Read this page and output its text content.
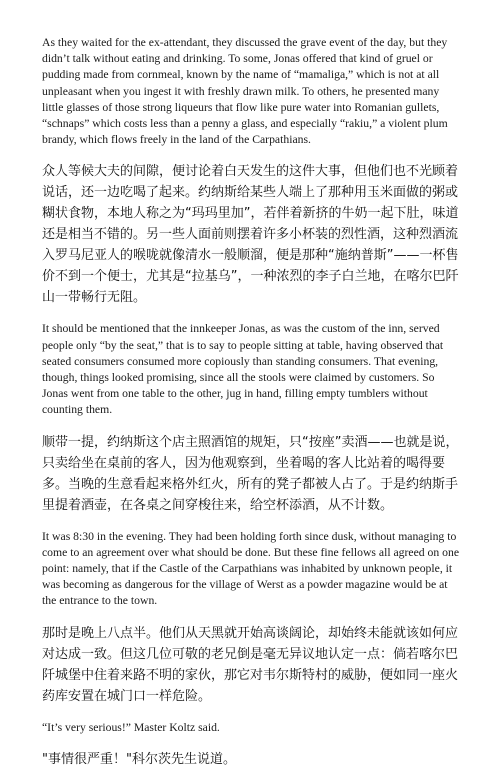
As they waited for the ex-attendant, they discussed the grave event of the day, but they didn’t talk without eating and drinking. To some, Jonas offered that kind of gruel or pudding made from cornmeal, known by the name of “mamaliga,” which is not at all unpleasant when you ingest it with freshly drawn milk. To others, he presented many little glasses of those strong liqueurs that flow like pure water into Romanian gullets, “schnaps” which costs less than a penny a glass, and especially “rakiu,” a violent plum brandy, which flows freely in the land of the Carpathians.

众人等候大夫的间隙，便讨论着白天发生的这件大事，但他们也不光顾着说话，还一边吃喝了起来。约纳斯给某些人端上了那种用玉米面做的粥或糊状食物，本地人称之为“玛玛里加”，若伴着新挤的牛奶一起下肚，味道还是相当不错的。另一些人面前则摆着许多小杯装的烈性酒，这种烈酒流入罗马尼亚人的喉咙就像清水一般顺溜，便是那种“施纳普斯”——一杯售价不到一个便士，尤其是“拉基乌”，一种浓烈的李子白兰地，在喀尔巴阡山一带畅行无阻。

It should be mentioned that the innkeeper Jonas, as was the custom of the inn, served people only “by the seat,” that is to say to people sitting at table, having observed that seated consumers consumed more copiously than standing consumers. That evening, though, things looked promising, since all the stools were claimed by customers. So Jonas went from one table to the other, jug in hand, filling empty tumblers without counting them.

顺带一提，约纳斯这个店主照酒馆的规矩，只“按座”卖酒——也就是说，只卖给坐在桌前的客人，因为他观察到，坐着喝的客人比站着的喝得要多。当晚的生意看起来格外红火，所有的凳子都被人占了。于是约纳斯手里提着酒壶，在各桌之间穿梭往来，给空杯添酒，从不计数。

It was 8:30 in the evening. They had been holding forth since dusk, without managing to come to an agreement over what should be done. But these fine fellows all agreed on one point: namely, that if the Castle of the Carpathians was inhabited by unknown people, it was becoming as dangerous for the village of Werst as a powder magazine would be at the entrance to the town.

那时是晚上八点半。他们从天黑就开始高谈阔论，却始终未能就该如何应对达成一致。但这几位可敬的老兄倒是毫无异议地认定一点：倘若喀尔巴阡城堡中住着来路不明的家伙，那它对韦尔斯特村的威胁，便如同一座火药库安置在城门口一样危险。

“It’s very serious!” Master Koltz said.

"事情很严重！"科尔茨先生说道。
